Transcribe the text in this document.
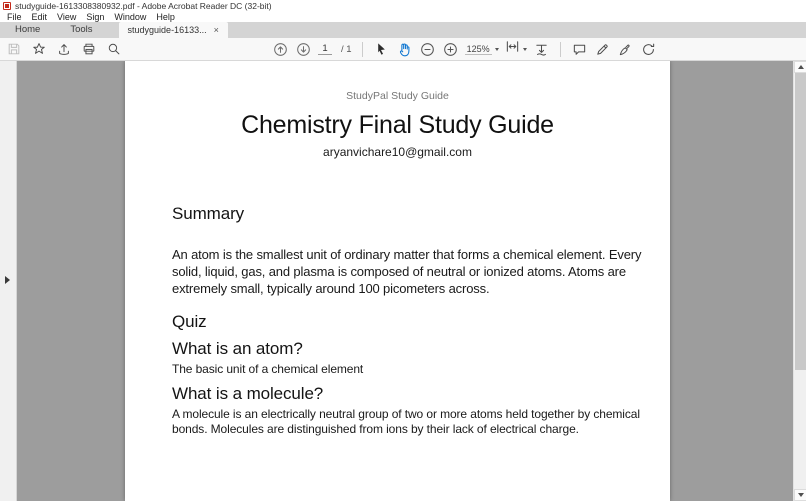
studyguide-1613308380932.pdf - Adobe Acrobat Reader DC (32-bit)
File	Edit	View	Sign	Window	Help
Home	Tools	studyguide-16133... ×
1	/ 1	125%
StudyPal Study Guide
Chemistry Final Study Guide
aryanvichare10@gmail.com
Summary
An atom is the smallest unit of ordinary matter that forms a chemical element. Every solid, liquid, gas, and plasma is composed of neutral or ionized atoms. Atoms are extremely small, typically around 100 picometers across.
Quiz
What is an atom?
The basic unit of a chemical element
What is a molecule?
A molecule is an electrically neutral group of two or more atoms held together by chemical bonds. Molecules are distinguished from ions by their lack of electrical charge.
